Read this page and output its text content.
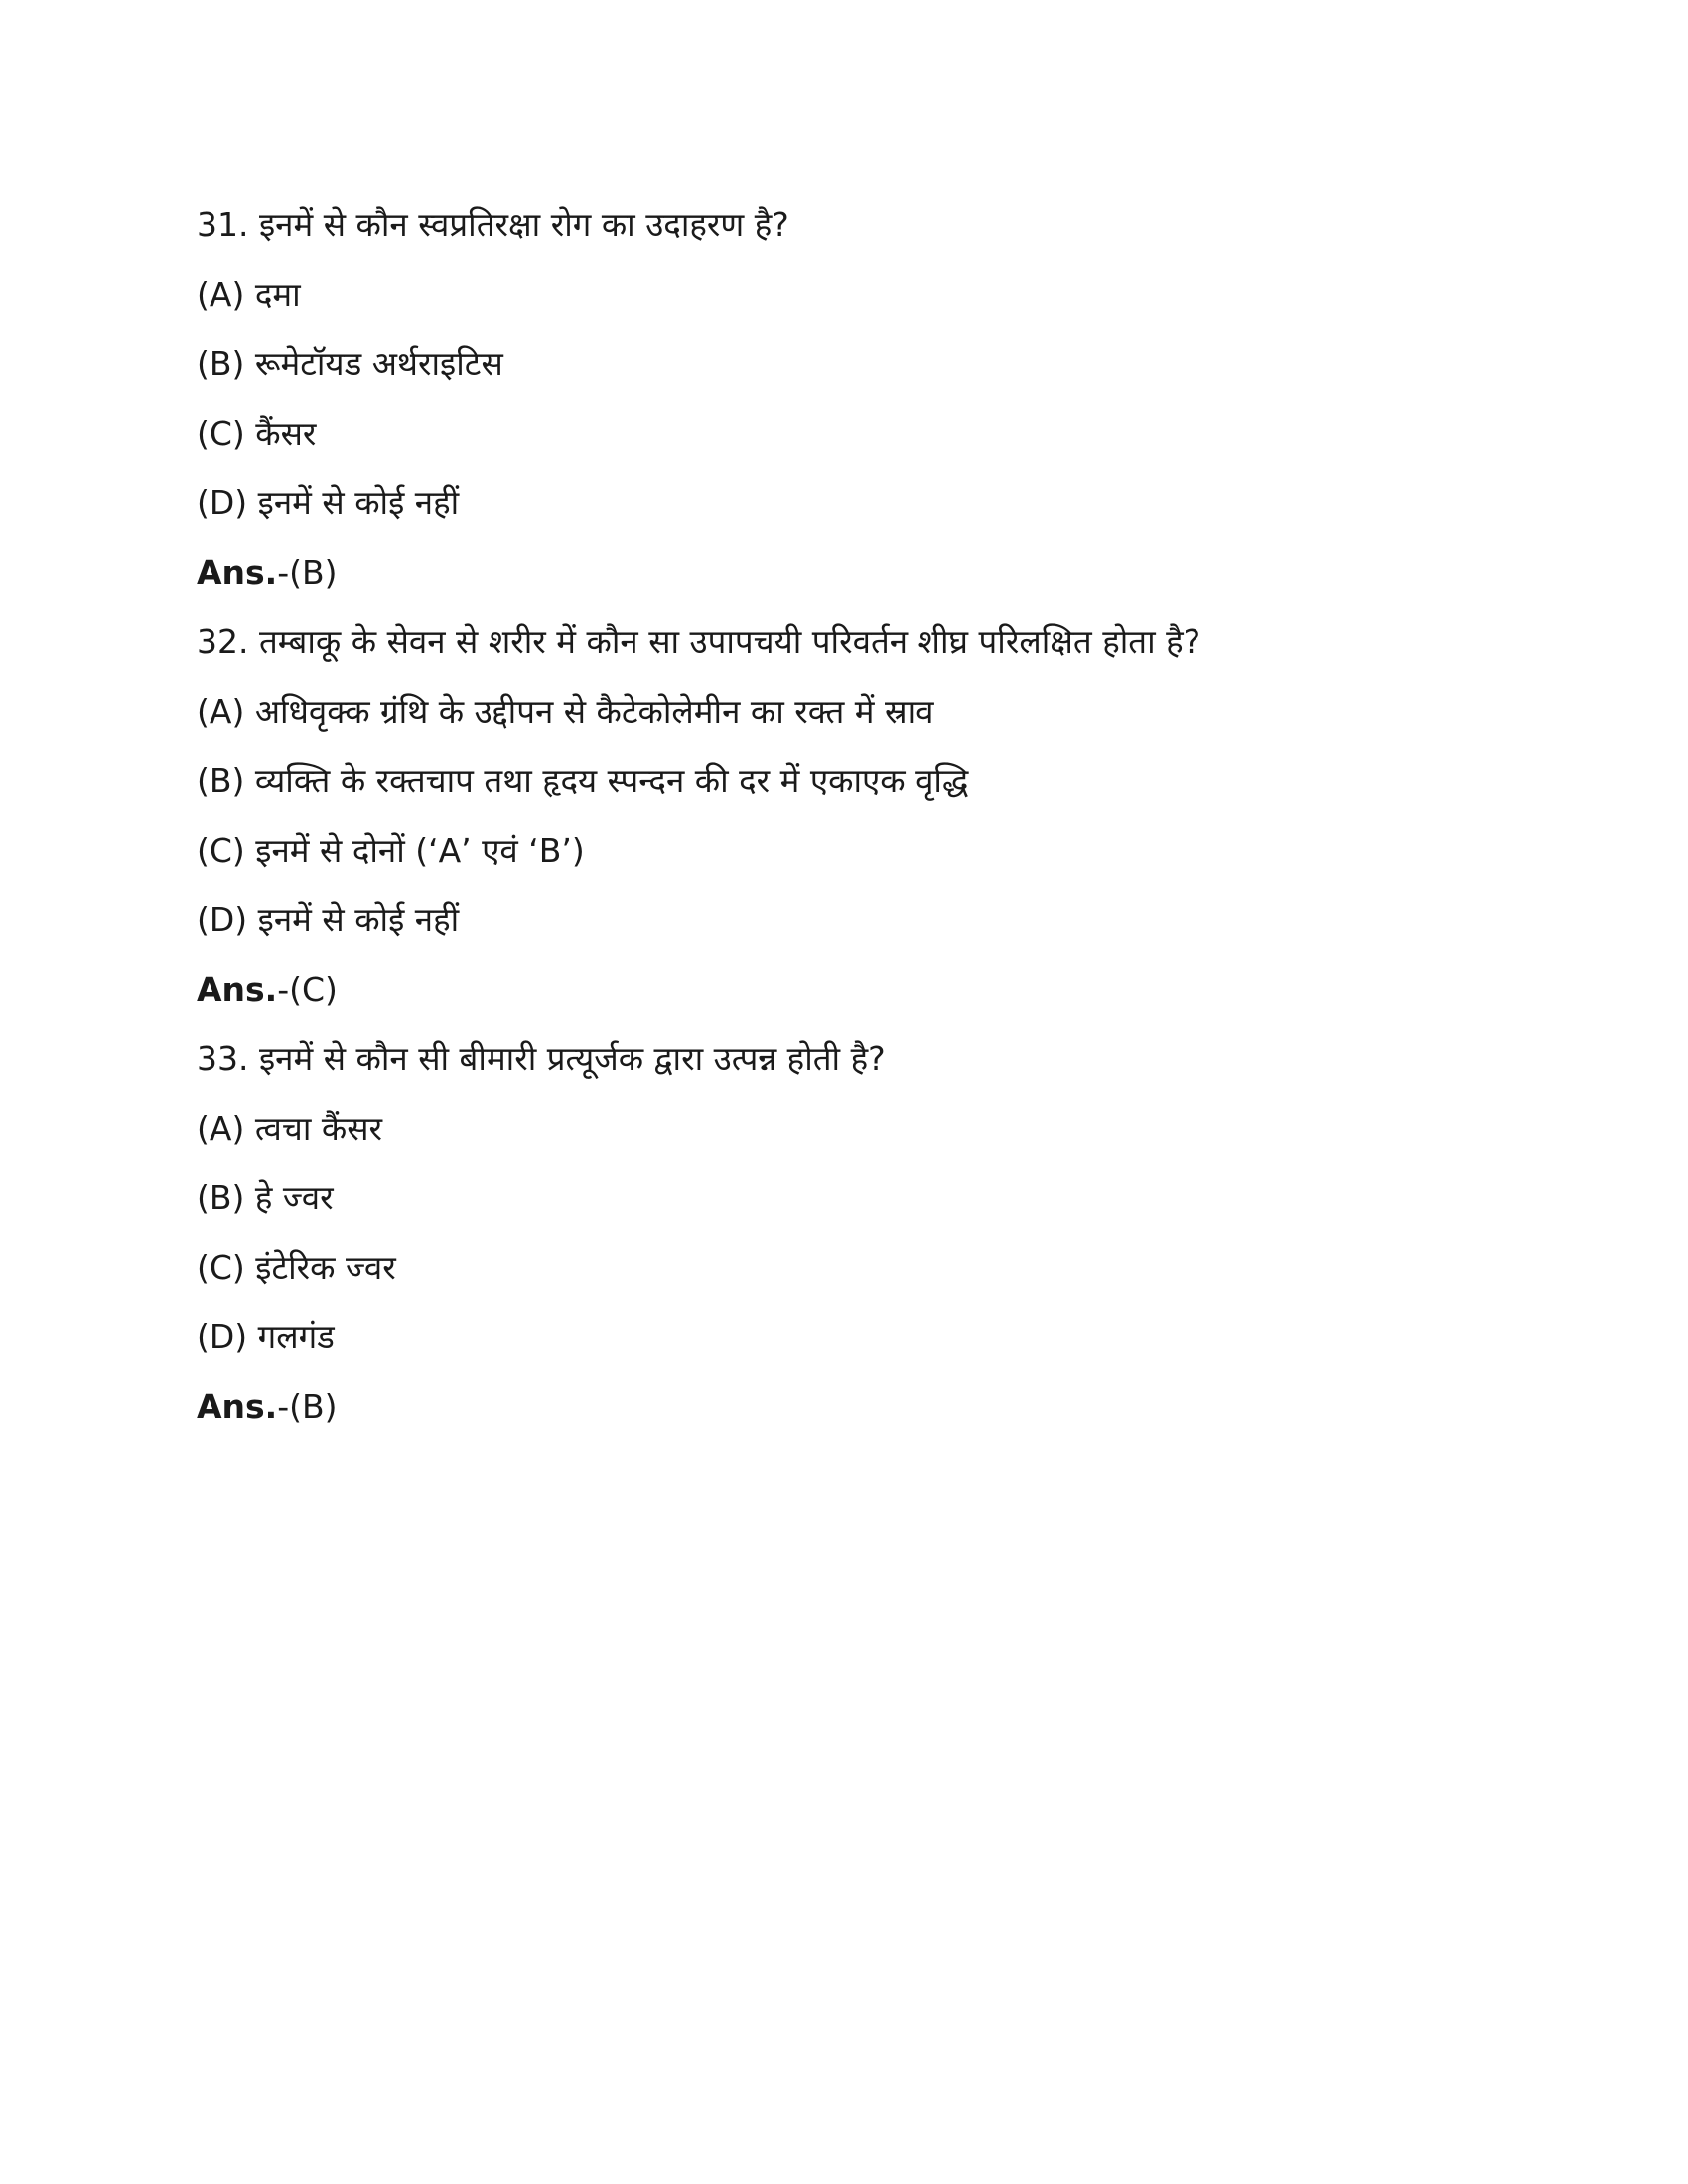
31. इनमें से कौन स्वप्रतिरक्षा रोग का उदाहरण है?
(A) दमा
(B) रूमेटॉयड अर्थराइटिस
(C) कैंसर
(D) इनमें से कोई नहीं
Ans.-(B)
32. तम्बाकू के सेवन से शरीर में कौन सा उपापचयी परिवर्तन शीघ्र परिलक्षित होता है?
(A) अधिवृक्क ग्रंथि के उद्दीपन से कैटेकोलेमीन का रक्त में स्राव
(B) व्यक्ति के रक्तचाप तथा हृदय स्पन्दन की दर में एकाएक वृद्धि
(C) इनमें से दोनों (‘A’ एवं ‘B’)
(D) इनमें से कोई नहीं
Ans.-(C)
33. इनमें से कौन सी बीमारी प्रत्यूर्जक द्वारा उत्पन्न होती है?
(A) त्वचा कैंसर
(B) हे ज्वर
(C) इंटेरिक ज्वर
(D) गलगंड
Ans.-(B)
